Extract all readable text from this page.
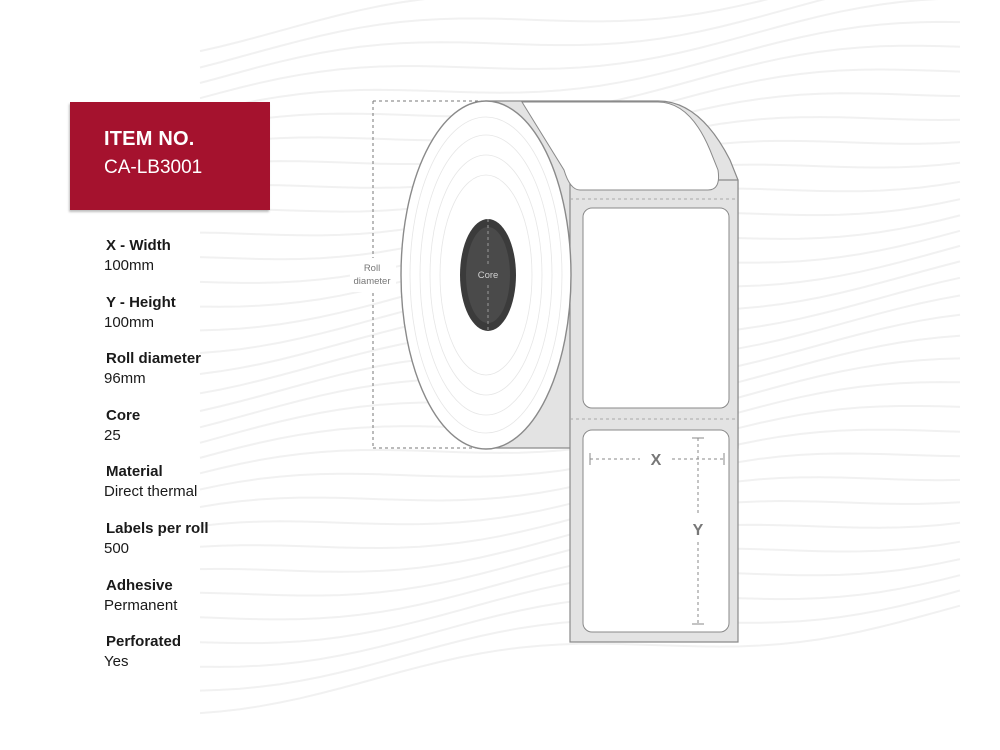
ITEM NO.
CA-LB3001
X - Width
100mm
Y - Height
100mm
Roll diameter
96mm
Core
25
Material
Direct thermal
Labels per roll
500
Adhesive
Permanent
Perforated
Yes
Roll
diameter
Core
X
Y
